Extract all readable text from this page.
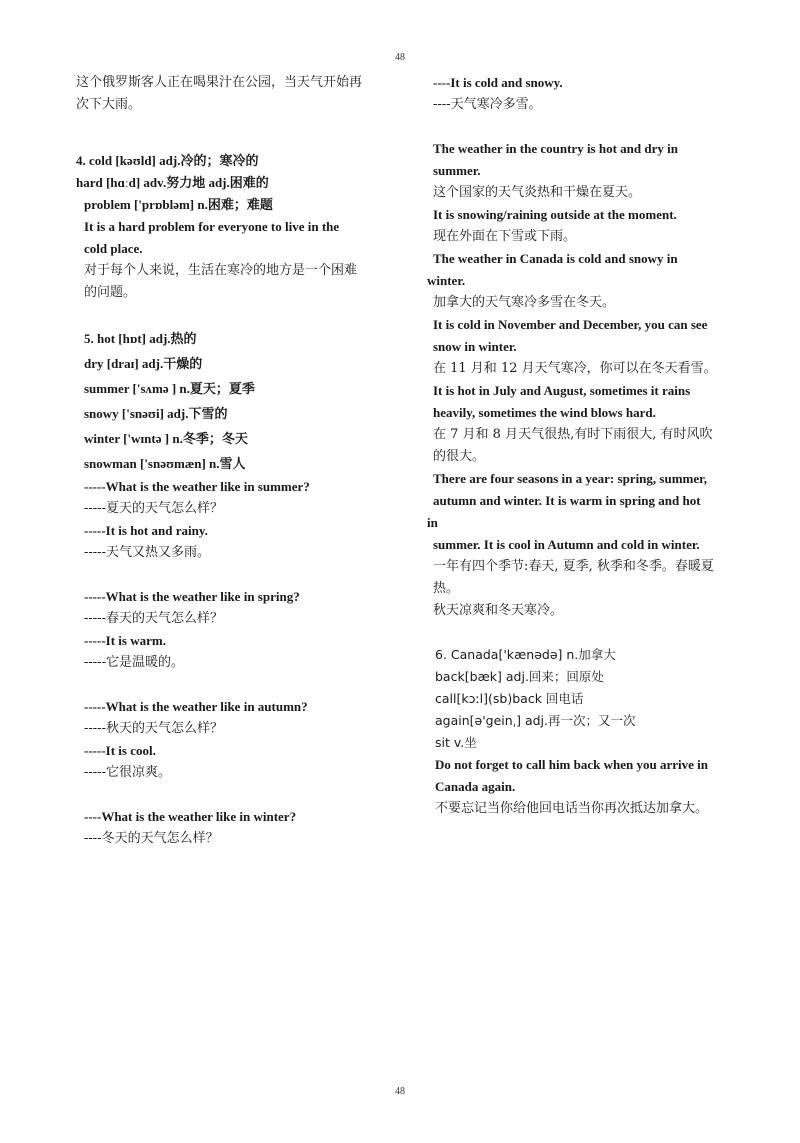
48
这个俄罗斯客人正在喝果汁在公园，当天气开始再
次下大雨。
4. cold [kəʊld] adj.冷的；寒冷的
hard [hɑːd] adv.努力地 adj.困难的
problem ['prɒbləm] n.困难；难题
It is a hard problem for everyone to live in the
cold place.
对于每个人来说，生活在寒冷的地方是一个困难
的问题。
5. hot [hɒt] adj.热的
dry [draɪ] adj.干燥的
summer ['sʌmə ] n.夏天；夏季
snowy ['snəʊi] adj.下雪的
winter ['wɪntə ] n.冬季；冬天
snowman ['snəʊmæn] n.雪人
-----What is the weather like in summer?
-----夏天的天气怎么样？
-----It is hot and rainy.
-----天气又热又多雨。
-----What is the weather like in spring?
-----春天的天气怎么样？
-----It is warm.
-----它是温暖的。
-----What is the weather like in autumn?
-----秋天的天气怎么样？
-----It is cool.
-----它很凉爽。
----What is the weather like in winter?
----冬天的天气怎么样？
----It is cold and snowy.
----天气寒冷多雪。
The weather in the country is hot and dry in
summer.
这个国家的天气炎热和干燥在夏天。
It is snowing/raining outside at the moment.
现在外面在下雪或下雨。
The weather in Canada is cold and snowy in
winter.
加拿大的天气寒冷多雪在冬天。
It is cold in November and December, you can see
snow in winter.
在 11 月和 12 月天气寒冷，你可以在冬天看雪。
It is hot in July and August, sometimes it rains
heavily, sometimes the wind blows hard.
在 7 月和 8 月天气很热,有时下雨很大, 有时风吹
的很大。
There are four seasons in a year: spring, summer,
autumn and winter. It is warm in spring and hot
in
summer. It is cool in Autumn and cold in winter.
一年有四个季节:春天, 夏季, 秋季和冬季。春暖夏
热。
秋天凉爽和冬天寒冷。
6. Canada['kænədə] n.加拿大
back[bæk] adj.回来；回原处
call[kɔːl](sb)back 回电话
again[ə'geinˌ] adj.再一次；又一次
sit v.坐
Do not forget to call him back when you arrive in
Canada again.
不要忘记当你给他回电话当你再次抵达加拿大。
48
